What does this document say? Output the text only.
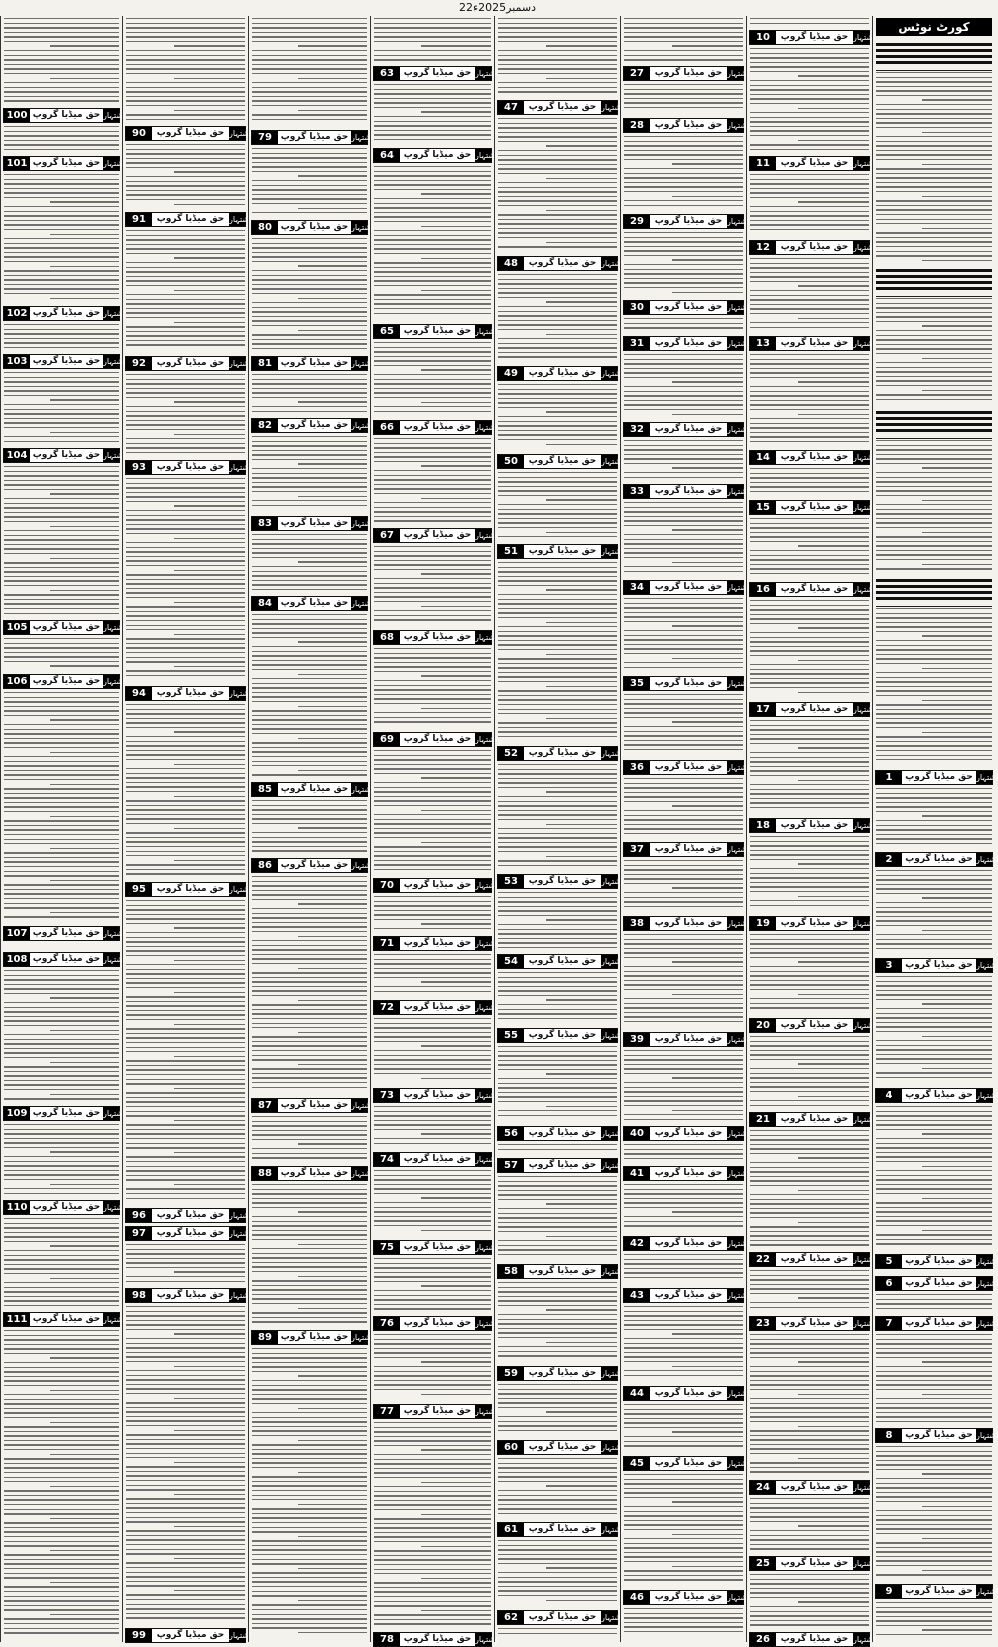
22دسمبر2025ء
100 حق میڈیا گروپ اشتہار
101 حق میڈیا گروپ اشتہار
102 حق میڈیا گروپ اشتہار
103 حق میڈیا گروپ اشتہار
104 حق میڈیا گروپ اشتہار
105 حق میڈیا گروپ اشتہار
106 حق میڈیا گروپ اشتہار
107 حق میڈیا گروپ اشتہار
108 حق میڈیا گروپ اشتہار
109 حق میڈیا گروپ اشتہار
110 حق میڈیا گروپ اشتہار
111 حق میڈیا گروپ اشتہار
90	حق میڈیا گروپ اشتہار
91	حق میڈیا گروپ اشتہار
92	حق میڈیا گروپ اشتہار
93	حق میڈیا گروپ اشتہار
94	حق میڈیا گروپ اشتہار
95	حق میڈیا گروپ اشتہار
96	حق میڈیا گروپ اشتہار
97	حق میڈیا گروپ اشتہار
98	حق میڈیا گروپ اشتہار
99	حق میڈیا گروپ اشتہار
79 حق میڈیا گروپ اشتہار
80 حق میڈیا گروپ اشتہار
81 حق میڈیا گروپ اشتہار
82 حق میڈیا گروپ اشتہار
83 حق میڈیا گروپ اشتہار
84 حق میڈیا گروپ اشتہار
85 حق میڈیا گروپ اشتہار
86 حق میڈیا گروپ اشتہار
87 حق میڈیا گروپ اشتہار
88 حق میڈیا گروپ اشتہار
89 حق میڈیا گروپ اشتہار
63	حق میڈیا گروپ اشتہار
64	حق میڈیا گروپ اشتہار
65	حق میڈیا گروپ اشتہار
66	حق میڈیا گروپ اشتہار
67	حق میڈیا گروپ اشتہار
68	حق میڈیا گروپ اشتہار
69	حق میڈیا گروپ اشتہار
70	حق میڈیا گروپ اشتہار
71	حق میڈیا گروپ اشتہار
72	حق میڈیا گروپ اشتہار
73	حق میڈیا گروپ اشتہار
74	حق میڈیا گروپ اشتہار
75	حق میڈیا گروپ اشتہار
76	حق میڈیا گروپ اشتہار
77	حق میڈیا گروپ اشتہار
78	حق میڈیا گروپ اشتہار
47	حق میڈیا گروپ اشتہار
48	حق میڈیا گروپ اشتہار
49	حق میڈیا گروپ اشتہار
50	حق میڈیا گروپ اشتہار
51	حق میڈیا گروپ اشتہار
52	حق میڈیا گروپ اشتہار
53	حق میڈیا گروپ اشتہار
54	حق میڈیا گروپ اشتہار
55	حق میڈیا گروپ اشتہار
56	حق میڈیا گروپ اشتہار
57	حق میڈیا گروپ اشتہار
58	حق میڈیا گروپ اشتہار
59	حق میڈیا گروپ اشتہار
60	حق میڈیا گروپ اشتہار
61	حق میڈیا گروپ اشتہار
62	حق میڈیا گروپ اشتہار
27	حق میڈیا گروپ اشتہار
28	حق میڈیا گروپ اشتہار
29	حق میڈیا گروپ اشتہار
30	حق میڈیا گروپ اشتہار
31	حق میڈیا گروپ اشتہار
32	حق میڈیا گروپ اشتہار
33	حق میڈیا گروپ اشتہار
34	حق میڈیا گروپ اشتہار
35	حق میڈیا گروپ اشتہار
36	حق میڈیا گروپ اشتہار
37	حق میڈیا گروپ اشتہار
38	حق میڈیا گروپ اشتہار
39	حق میڈیا گروپ اشتہار
40	حق میڈیا گروپ اشتہار
41	حق میڈیا گروپ اشتہار
42	حق میڈیا گروپ اشتہار
43	حق میڈیا گروپ اشتہار
44	حق میڈیا گروپ اشتہار
45	حق میڈیا گروپ اشتہار
46	حق میڈیا گروپ اشتہار
10	حق میڈیا گروپ اشتہار
11	حق میڈیا گروپ اشتہار
12	حق میڈیا گروپ اشتہار
13	حق میڈیا گروپ اشتہار
14	حق میڈیا گروپ اشتہار
15	حق میڈیا گروپ اشتہار
16	حق میڈیا گروپ اشتہار
17	حق میڈیا گروپ اشتہار
18	حق میڈیا گروپ اشتہار
19	حق میڈیا گروپ اشتہار
20	حق میڈیا گروپ اشتہار
21	حق میڈیا گروپ اشتہار
22	حق میڈیا گروپ اشتہار
23	حق میڈیا گروپ اشتہار
24	حق میڈیا گروپ اشتہار
25	حق میڈیا گروپ اشتہار
26	حق میڈیا گروپ اشتہار
کورٹ نوٹس
1	حق میڈیا گروپ اشتہار
2	حق میڈیا گروپ اشتہار
3	حق میڈیا گروپ اشتہار
4	حق میڈیا گروپ اشتہار
5	حق میڈیا گروپ اشتہار
6	حق میڈیا گروپ اشتہار
7	حق میڈیا گروپ اشتہار
8	حق میڈیا گروپ اشتہار
9	حق میڈیا گروپ اشتہار
